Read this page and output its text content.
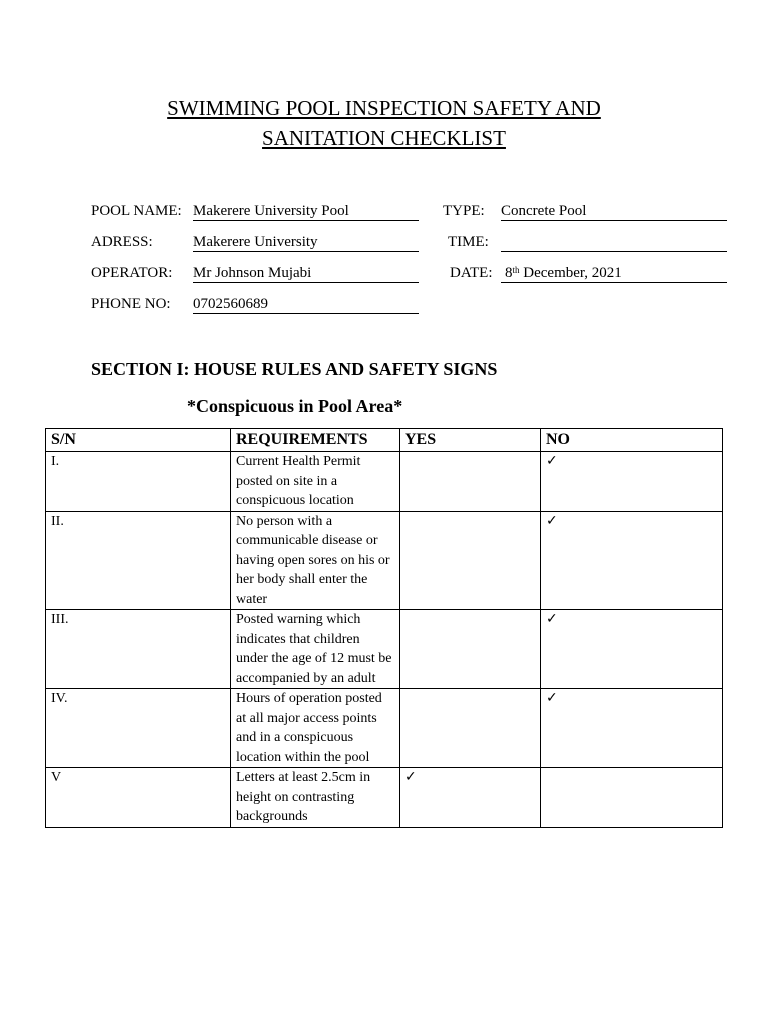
SWIMMING POOL INSPECTION SAFETY AND
SANITATION CHECKLIST
POOL NAME: Makerere University Pool	TYPE: Concrete Pool
ADRESS:	Makerere University	TIME:
OPERATOR: Mr Johnson Mujabi	DATE: 8th December, 2021
PHONE NO: 0702560689
SECTION I: HOUSE RULES AND SAFETY SIGNS
*Conspicuous in Pool Area*
S/N	REQUIREMENTS	YES	NO
I.	Current Health Permit posted on site in a conspicuous location		✓
II.	No person with a communicable disease or having open sores on his or her body shall enter the water		✓
III.	Posted warning which indicates that children under the age of 12 must be accompanied by an adult		✓
IV.	Hours of operation posted at all major access points and in a conspicuous location within the pool		✓
V	Letters at least 2.5cm in height on contrasting backgrounds	✓	
